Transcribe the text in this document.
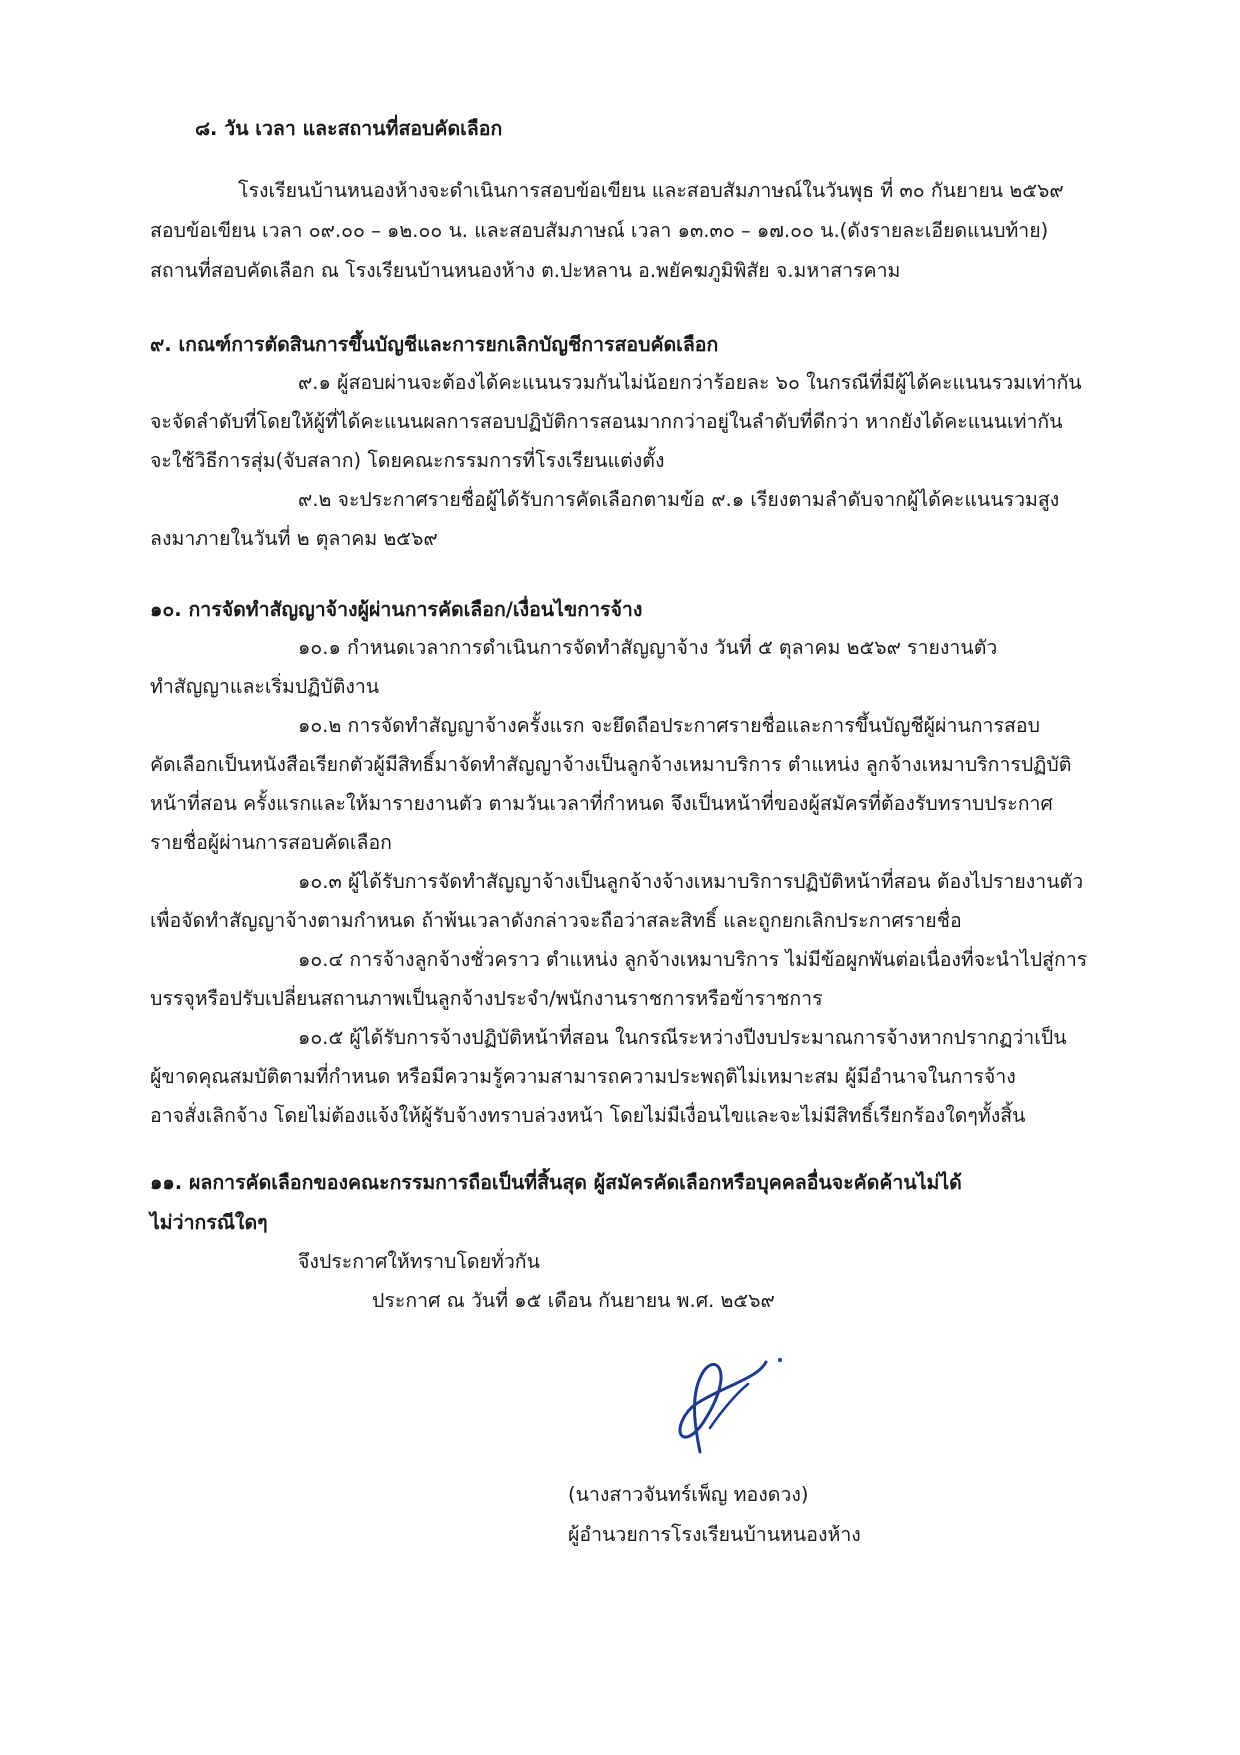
๘. วัน เวลา และสถานที่สอบคัดเลือก
โรงเรียนบ้านหนองห้างจะดำเนินการสอบข้อเขียน และสอบสัมภาษณ์ในวันพุธ ที่ ๓๐ กันยายน ๒๕๖๙
สอบข้อเขียน เวลา ๐๙.๐๐ – ๑๒.๐๐ น. และสอบสัมภาษณ์ เวลา ๑๓.๓๐ – ๑๗.๐๐ น.(ดังรายละเอียดแนบท้าย)
สถานที่สอบคัดเลือก ณ โรงเรียนบ้านหนองห้าง ต.ปะหลาน อ.พยัคฆภูมิพิสัย จ.มหาสารคาม
๙. เกณฑ์การตัดสินการขึ้นบัญชีและการยกเลิกบัญชีการสอบคัดเลือก
๙.๑ ผู้สอบผ่านจะต้องได้คะแนนรวมกันไม่น้อยกว่าร้อยละ ๖๐ ในกรณีที่มีผู้ได้คะแนนรวมเท่ากัน
จะจัดลำดับที่โดยให้ผู้ที่ได้คะแนนผลการสอบปฏิบัติการสอนมากกว่าอยู่ในลำดับที่ดีกว่า หากยังได้คะแนนเท่ากัน
จะใช้วิธีการสุ่ม(จับสลาก) โดยคณะกรรมการที่โรงเรียนแต่งตั้ง
๙.๒ จะประกาศรายชื่อผู้ได้รับการคัดเลือกตามข้อ ๙.๑ เรียงตามลำดับจากผู้ได้คะแนนรวมสูง
ลงมาภายในวันที่ ๒ ตุลาคม ๒๕๖๙
๑๐. การจัดทำสัญญาจ้างผู้ผ่านการคัดเลือก/เงื่อนไขการจ้าง
๑๐.๑ กำหนดเวลาการดำเนินการจัดทำสัญญาจ้าง วันที่ ๕ ตุลาคม ๒๕๖๙ รายงานตัว
ทำสัญญาและเริ่มปฏิบัติงาน
๑๐.๒ การจัดทำสัญญาจ้างครั้งแรก จะยึดถือประกาศรายชื่อและการขึ้นบัญชีผู้ผ่านการสอบ
คัดเลือกเป็นหนังสือเรียกตัวผู้มีสิทธิ์มาจัดทำสัญญาจ้างเป็นลูกจ้างเหมาบริการ ตำแหน่ง ลูกจ้างเหมาบริการปฏิบัติ
หน้าที่สอน ครั้งแรกและให้มารายงานตัว ตามวันเวลาที่กำหนด จึงเป็นหน้าที่ของผู้สมัครที่ต้องรับทราบประกาศ
รายชื่อผู้ผ่านการสอบคัดเลือก
๑๐.๓ ผู้ได้รับการจัดทำสัญญาจ้างเป็นลูกจ้างจ้างเหมาบริการปฏิบัติหน้าที่สอน ต้องไปรายงานตัว
เพื่อจัดทำสัญญาจ้างตามกำหนด ถ้าพ้นเวลาดังกล่าวจะถือว่าสละสิทธิ์ และถูกยกเลิกประกาศรายชื่อ
๑๐.๔ การจ้างลูกจ้างชั่วคราว ตำแหน่ง ลูกจ้างเหมาบริการ ไม่มีข้อผูกพันต่อเนื่องที่จะนำไปสู่การ
บรรจุหรือปรับเปลี่ยนสถานภาพเป็นลูกจ้างประจำ/พนักงานราชการหรือข้าราชการ
๑๐.๕ ผู้ได้รับการจ้างปฏิบัติหน้าที่สอน ในกรณีระหว่างปีงบประมาณการจ้างหากปรากฏว่าเป็น
ผู้ขาดคุณสมบัติตามที่กำหนด หรือมีความรู้ความสามารถความประพฤติไม่เหมาะสม ผู้มีอำนาจในการจ้าง
อาจสั่งเลิกจ้าง โดยไม่ต้องแจ้งให้ผู้รับจ้างทราบล่วงหน้า โดยไม่มีเงื่อนไขและจะไม่มีสิทธิ์เรียกร้องใดๆทั้งสิ้น
๑๑. ผลการคัดเลือกของคณะกรรมการถือเป็นที่สิ้นสุด ผู้สมัครคัดเลือกหรือบุคคลอื่นจะคัดค้านไม่ได้
ไม่ว่ากรณีใดๆ
จึงประกาศให้ทราบโดยทั่วกัน
ประกาศ ณ วันที่ ๑๕ เดือน กันยายน พ.ศ. ๒๕๖๙
(นางสาวจันทร์เพ็ญ ทองดวง)
ผู้อำนวยการโรงเรียนบ้านหนองห้าง
